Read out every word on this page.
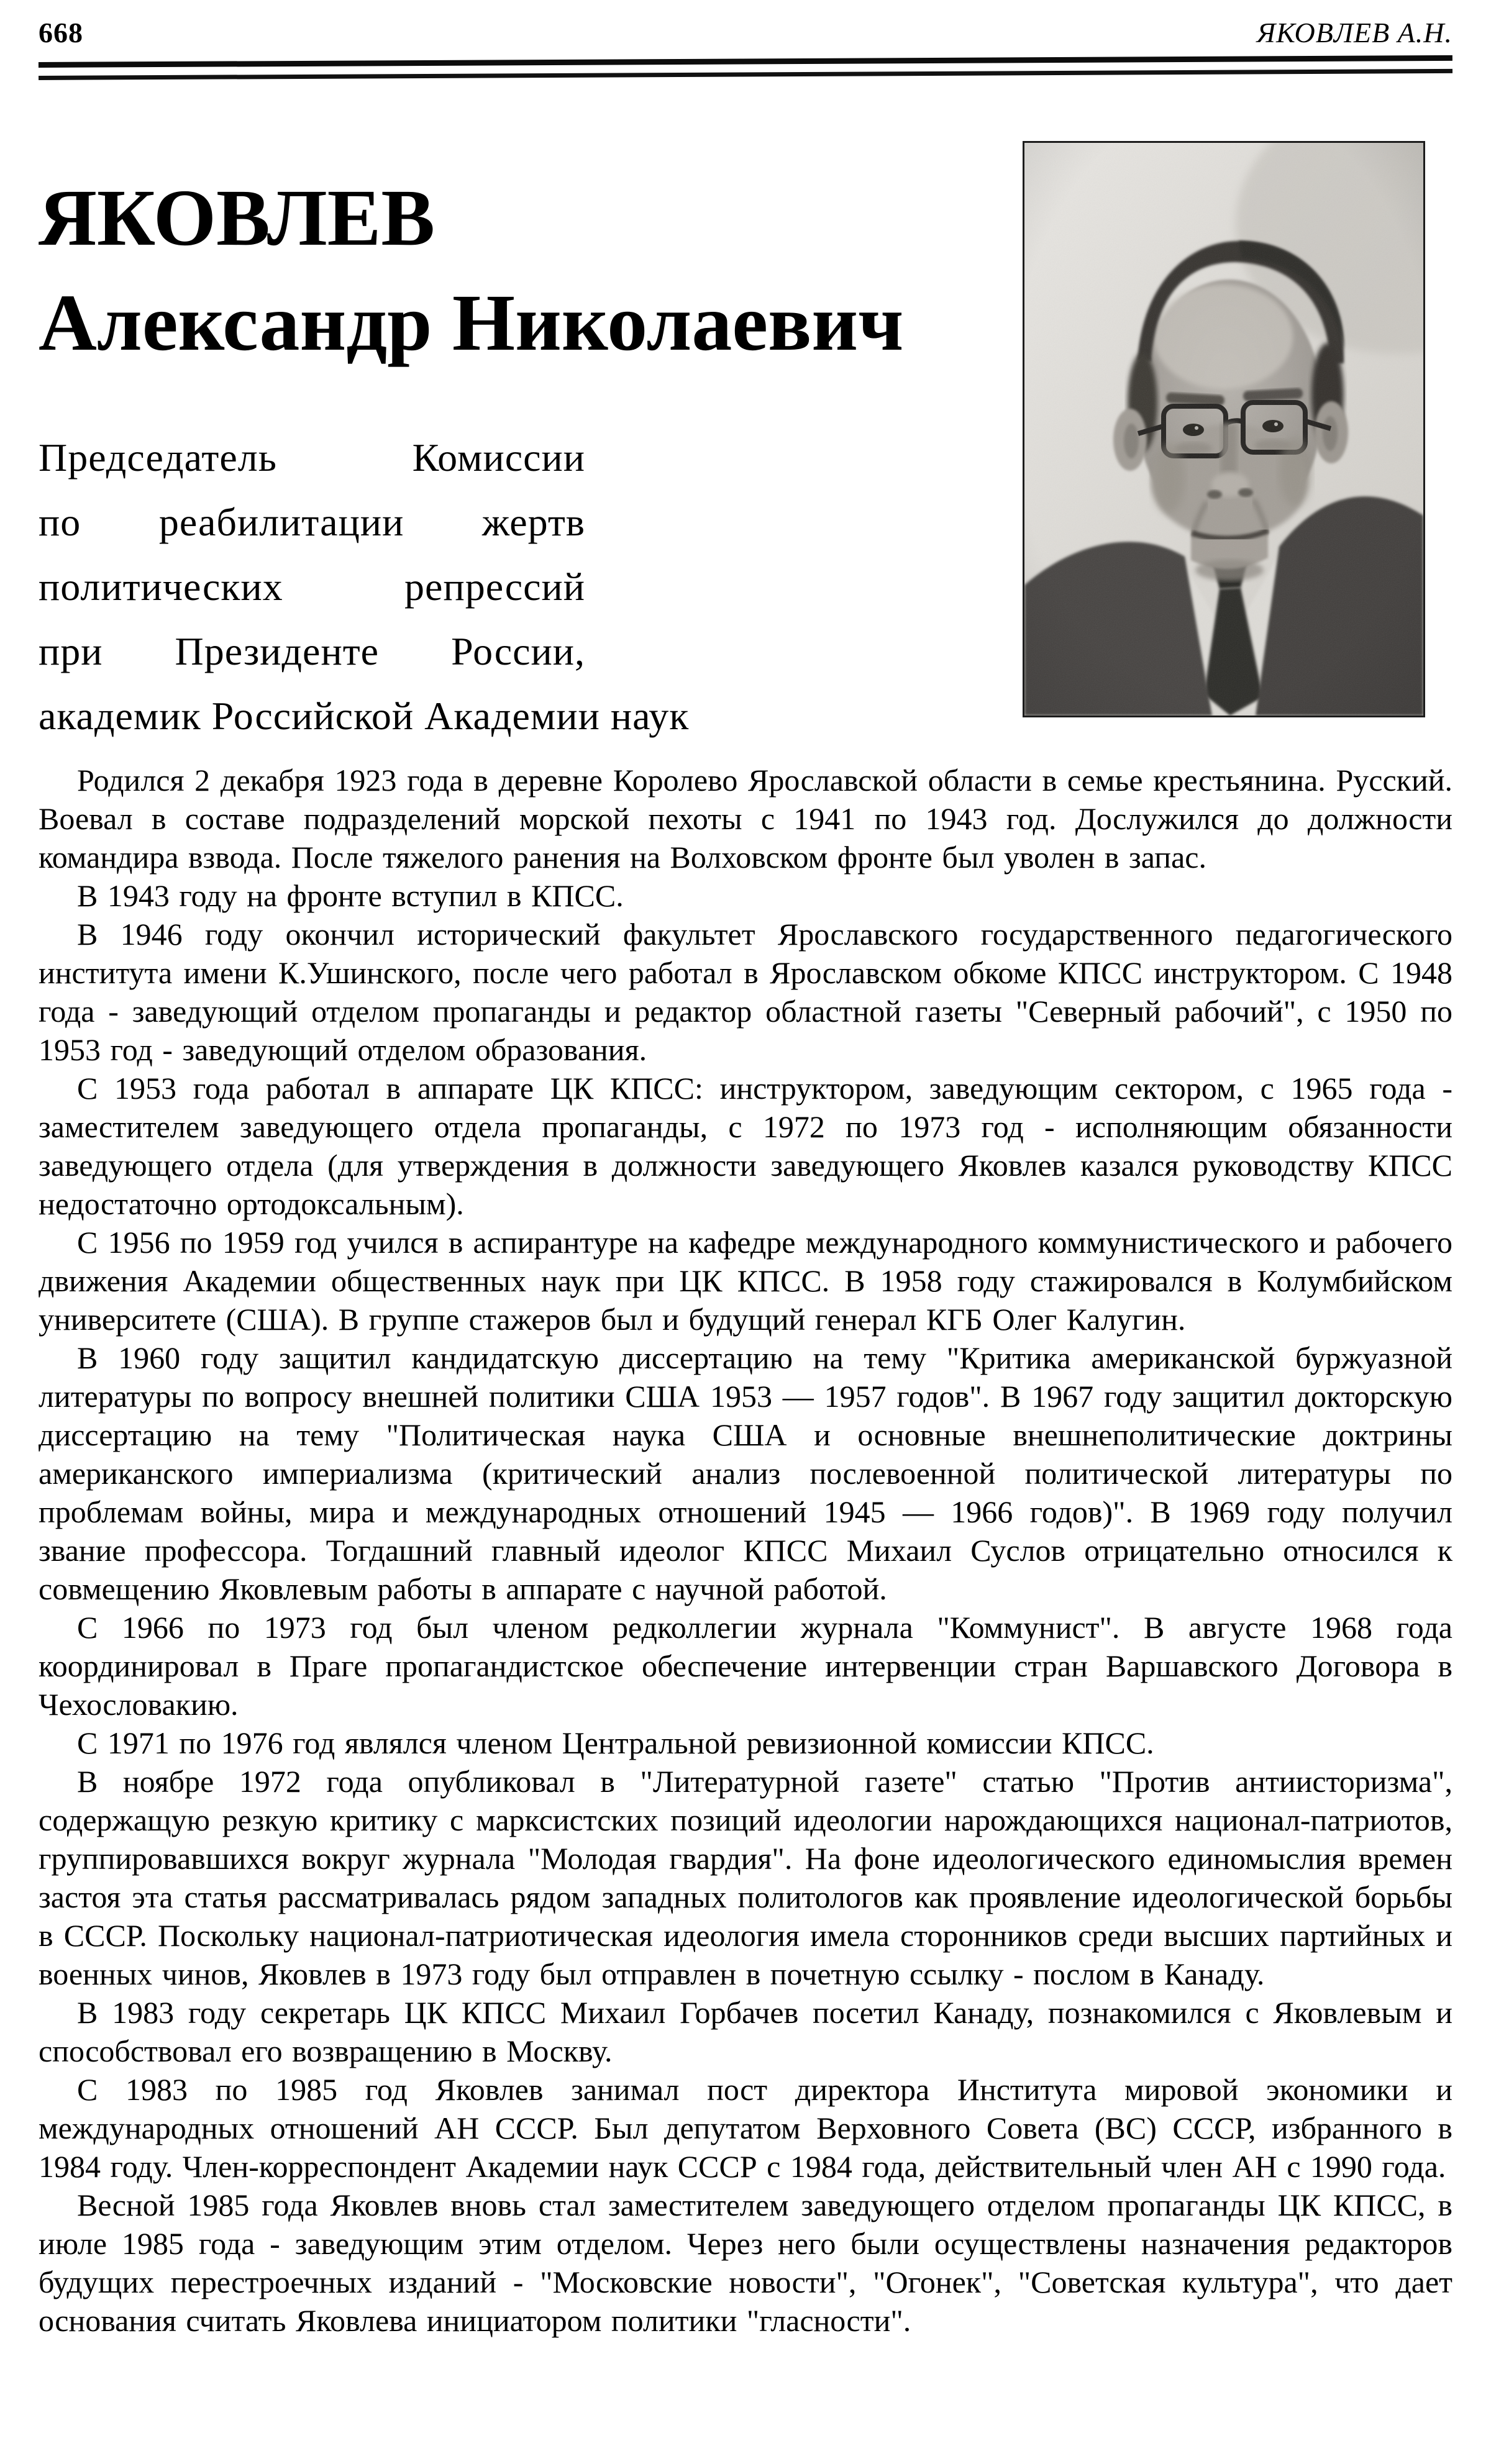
668	ЯКОВЛЕВ А.Н.
ЯКОВЛЕВ
Александр Николаевич
Председатель Комиссии
по реабилитации жертв
политических репрессий
при Президенте России,
академик Российской Академии наук

Родился 2 декабря 1923 года в деревне Королево Ярославской области в семье крестьянина. Русский. Воевал в составе подразделений морской пехоты с 1941 по 1943 год. Дослужился до должности командира взвода. После тяжелого ранения на Волховском фронте был уволен в запас.

В 1943 году на фронте вступил в КПСС.

В 1946 году окончил исторический факультет Ярославского государственного педагогического института имени К.Ушинского, после чего работал в Ярославском обкоме КПСС инструктором. С 1948 года - заведующий отделом пропаганды и редактор областной газеты "Северный рабочий", с 1950 по 1953 год - заведующий отделом образования.

С 1953 года работал в аппарате ЦК КПСС: инструктором, заведующим сектором, с 1965 года - заместителем заведующего отдела пропаганды, с 1972 по 1973 год - исполняющим обязанности заведующего отдела (для утверждения в должности заведующего Яковлев казался руководству КПСС недостаточно ортодоксальным).

С 1956 по 1959 год учился в аспирантуре на кафедре международного коммунистического и рабочего движения Академии общественных наук при ЦК КПСС. В 1958 году стажировался в Колумбийском университете (США). В группе стажеров был и будущий генерал КГБ Олег Калугин.

В 1960 году защитил кандидатскую диссертацию на тему "Критика американской буржуазной литературы по вопросу внешней политики США 1953 — 1957 годов". В 1967 году защитил докторскую диссертацию на тему "Политическая наука США и основные внешнеполитические доктрины американского империализма (критический анализ послевоенной политической литературы по проблемам войны, мира и международных отношений 1945 — 1966 годов)". В 1969 году получил звание профессора. Тогдашний главный идеолог КПСС Михаил Суслов отрицательно относился к совмещению Яковлевым работы в аппарате с научной работой.

С 1966 по 1973 год был членом редколлегии журнала "Коммунист". В августе 1968 года координировал в Праге пропагандистское обеспечение интервенции стран Варшавского Договора в Чехословакию.

С 1971 по 1976 год являлся членом Центральной ревизионной комиссии КПСС.

В ноябре 1972 года опубликовал в "Литературной газете" статью "Против антиисторизма", содержащую резкую критику с марксистских позиций идеологии нарождающихся национал-патриотов, группировавшихся вокруг журнала "Молодая гвардия". На фоне идеологического единомыслия времен застоя эта статья рассматривалась рядом западных политологов как проявление идеологической борьбы в СССР. Поскольку национал-патриотическая идеология имела сторонников среди высших партийных и военных чинов, Яковлев в 1973 году был отправлен в почетную ссылку - послом в Канаду.

В 1983 году секретарь ЦК КПСС Михаил Горбачев посетил Канаду, познакомился с Яковлевым и способствовал его возвращению в Москву.

С 1983 по 1985 год Яковлев занимал пост директора Института мировой экономики и международных отношений АН СССР. Был депутатом Верховного Совета (ВС) СССР, избранного в 1984 году. Член-корреспондент Академии наук СССР с 1984 года, действительный член АН с 1990 года.

Весной 1985 года Яковлев вновь стал заместителем заведующего отделом пропаганды ЦК КПСС, в июле 1985 года - заведующим этим отделом. Через него были осуществлены назначения редакторов будущих перестроечных изданий - "Московские новости", "Огонек", "Советская культура", что дает основания считать Яковлева инициатором политики "гласности".
